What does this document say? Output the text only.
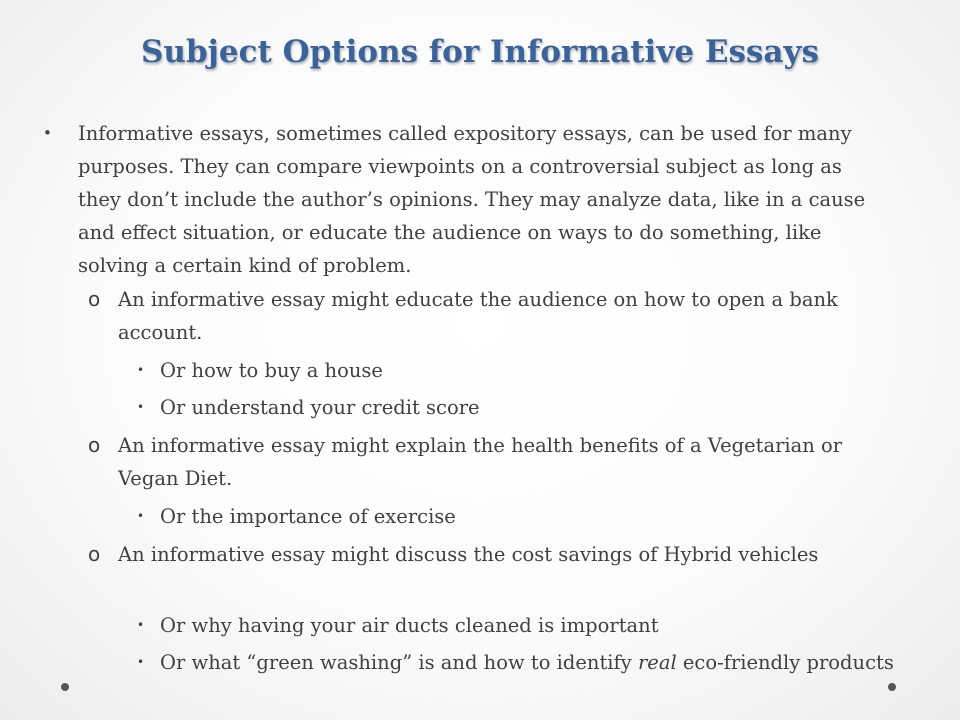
Subject Options for Informative Essays
• Informative essays, sometimes called expository essays, can be used for many purposes. They can compare viewpoints on a controversial subject as long as they don’t include the author’s opinions. They may analyze data, like in a cause and effect situation, or educate the audience on ways to do something, like solving a certain kind of problem.
o An informative essay might educate the audience on how to open a bank account.
• Or how to buy a house
• Or understand your credit score
o An informative essay might explain the health benefits of a Vegetarian or Vegan Diet.
• Or the importance of exercise
o An informative essay might discuss the cost savings of Hybrid vehicles
• Or why having your air ducts cleaned is important
• Or what “green washing” is and how to identify real eco-friendly products
